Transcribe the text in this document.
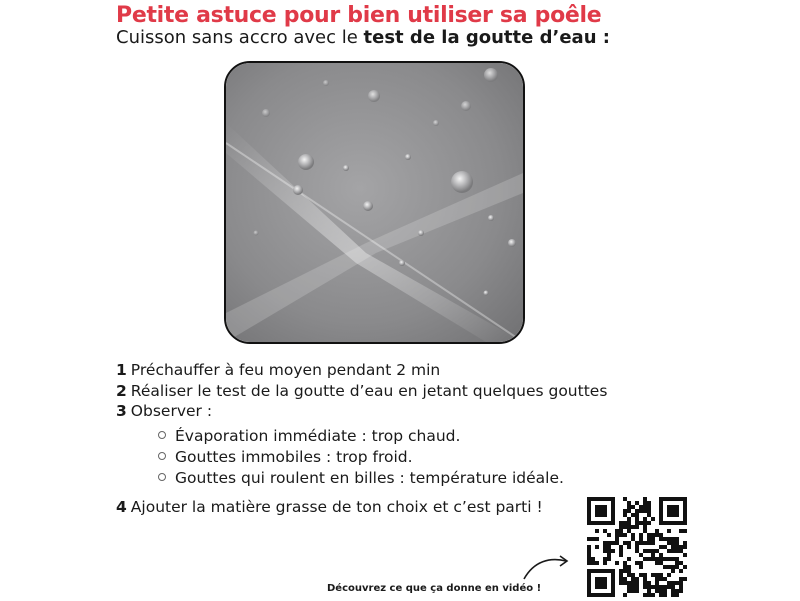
Petite astuce pour bien utiliser sa poêle
Cuisson sans accro avec le test de la goutte d’eau :
1 Préchauffer à feu moyen pendant 2 min
2 Réaliser le test de la goutte d’eau en jetant quelques gouttes
3 Observer :
Évaporation immédiate : trop chaud.
Gouttes immobiles : trop froid.
Gouttes qui roulent en billes : température idéale.
4 Ajouter la matière grasse de ton choix et c’est parti !
Découvrez ce que ça donne en vidéo !
